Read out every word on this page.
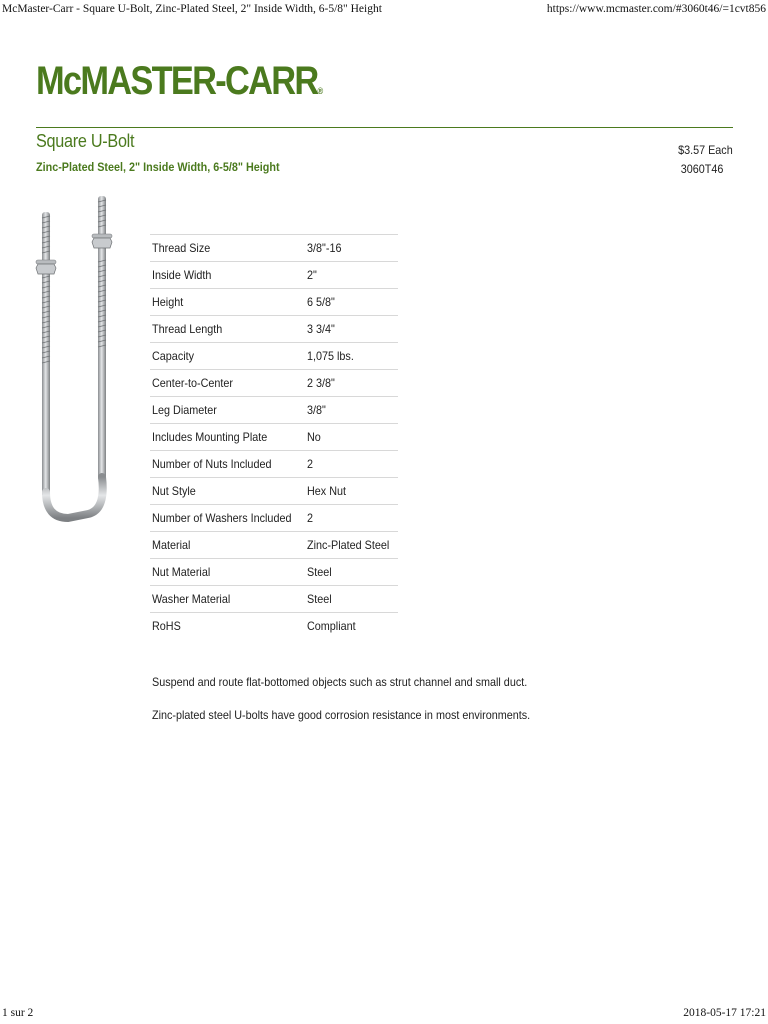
McMaster-Carr - Square U-Bolt, Zinc-Plated Steel, 2" Inside Width, 6-5/8" Height	https://www.mcmaster.com/#3060t46/=1cvt856
McMASTER-CARR®
Square U-Bolt
Zinc-Plated Steel, 2" Inside Width, 6-5/8" Height
$3.57 Each
3060T46
Thread Size	3/8"-16
Inside Width	2"
Height	6 5/8"
Thread Length	3 3/4"
Capacity	1,075 lbs.
Center-to-Center	2 3/8"
Leg Diameter	3/8"
Includes Mounting Plate	No
Number of Nuts Included	2
Nut Style	Hex Nut
Number of Washers Included	2
Material	Zinc-Plated Steel
Nut Material	Steel
Washer Material	Steel
RoHS	Compliant
Suspend and route flat-bottomed objects such as strut channel and small duct.
Zinc-plated steel U-bolts have good corrosion resistance in most environments.
1 sur 2	2018-05-17 17:21
